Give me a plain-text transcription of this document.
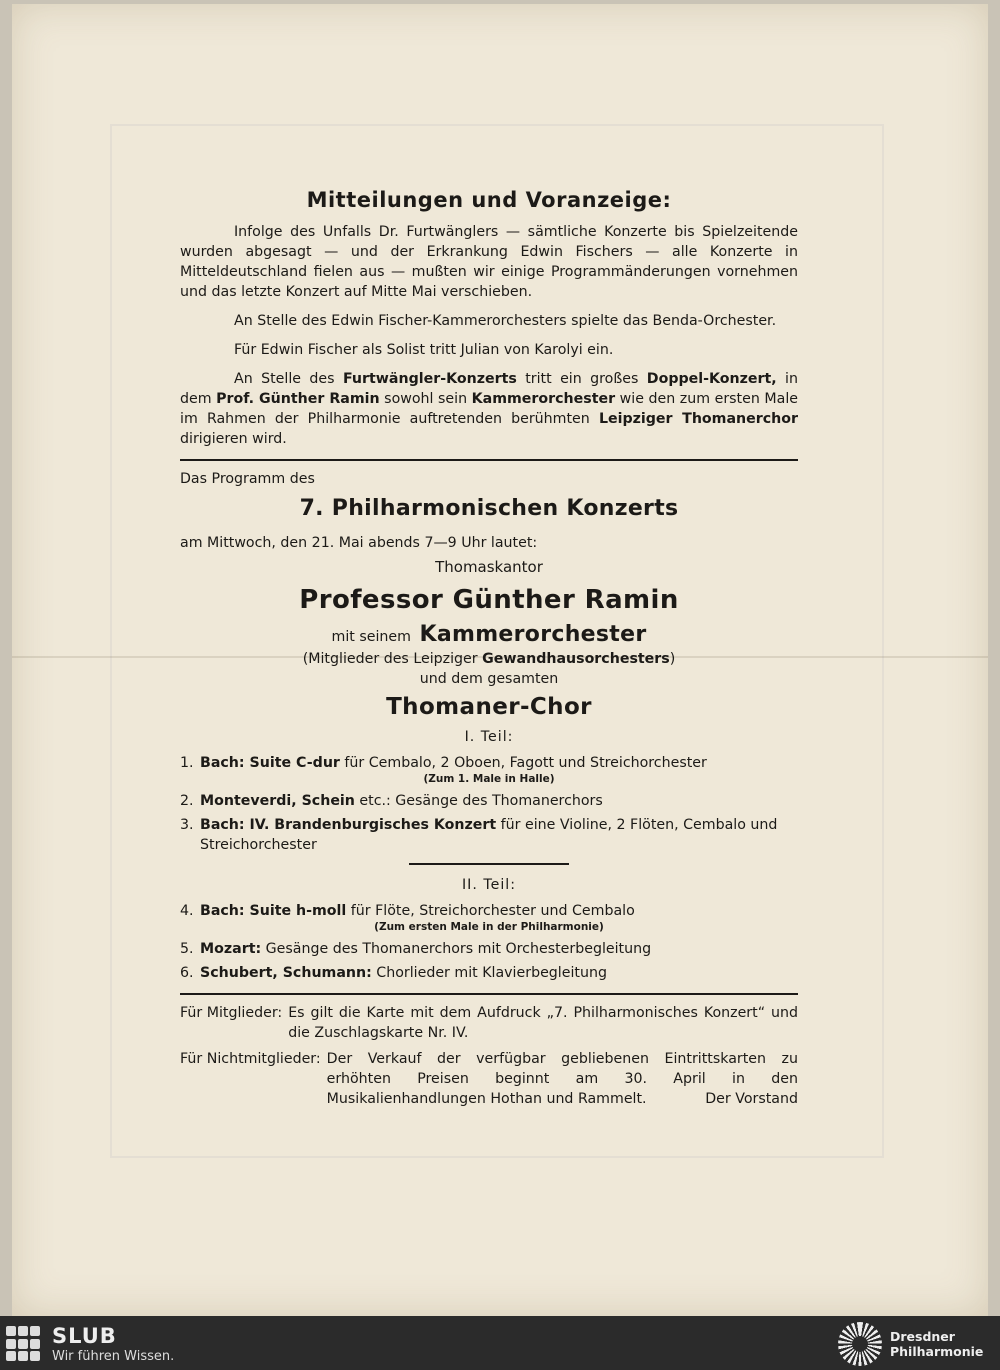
Mitteilungen und Voranzeige:

Infolge des Unfalls Dr. Furtwänglers — sämtliche Konzerte bis Spielzeitende wurden abgesagt — und der Erkrankung Edwin Fischers — alle Konzerte in Mitteldeutschland fielen aus — mußten wir einige Programmänderungen vornehmen und das letzte Konzert auf Mitte Mai verschieben.

An Stelle des Edwin Fischer-Kammerorchesters spielte das Benda-Orchester.

Für Edwin Fischer als Solist tritt Julian von Karolyi ein.

An Stelle des Furtwängler-Konzerts tritt ein großes Doppel-Konzert, in dem Prof. Günther Ramin sowohl sein Kammerorchester wie den zum ersten Male im Rahmen der Philharmonie auftretenden berühmten Leipziger Thomanerchor dirigieren wird.

Das Programm des
7. Philharmonischen Konzerts
am Mittwoch, den 21. Mai abends 7—9 Uhr lautet:
Thomaskantor
Professor Günther Ramin
mit seinem Kammerorchester
(Mitglieder des Leipziger Gewandhausorchesters)
und dem gesamten
Thomaner-Chor
I. Teil:
1. Bach: Suite C-dur für Cembalo, 2 Oboen, Fagott und Streichorchester
(Zum 1. Male in Halle)
2. Monteverdi, Schein etc.: Gesänge des Thomanerchors
3. Bach: IV. Brandenburgisches Konzert für eine Violine, 2 Flöten, Cembalo und Streichorchester
II. Teil:
4. Bach: Suite h-moll für Flöte, Streichorchester und Cembalo
(Zum ersten Male in der Philharmonie)
5. Mozart: Gesänge des Thomanerchors mit Orchesterbegleitung
6. Schubert, Schumann: Chorlieder mit Klavierbegleitung
Für Mitglieder: Es gilt die Karte mit dem Aufdruck „7. Philharmonisches Konzert“ und die Zuschlagskarte Nr. IV.
Für Nichtmitglieder: Der Verkauf der verfügbar gebliebenen Eintrittskarten zu erhöhten Preisen beginnt am 30. April in den Musikalienhandlungen Hothan und Rammelt.	Der Vorstand
SLUB
Wir führen Wissen.
Dresdner
Philharmonie
